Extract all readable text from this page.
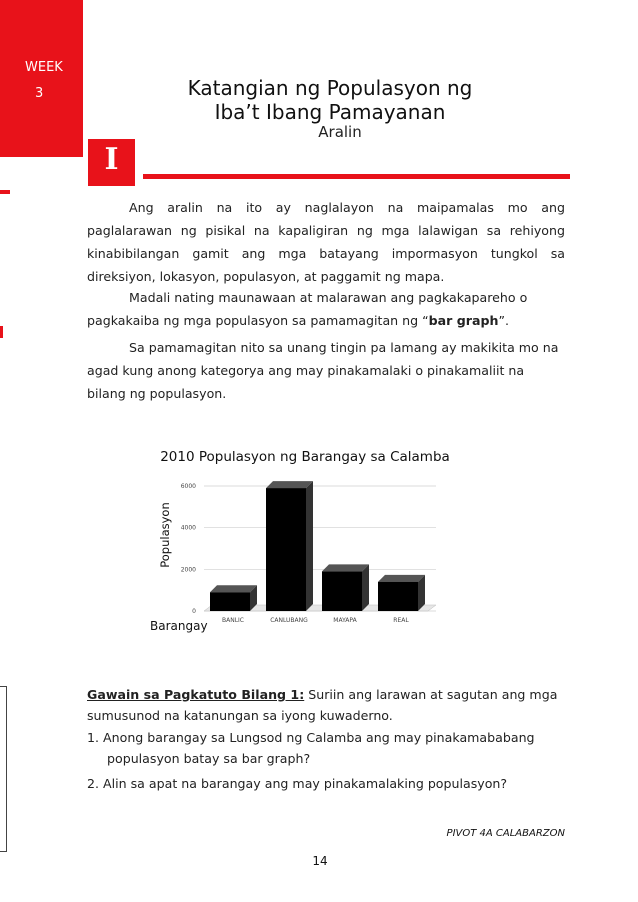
WEEK
3	Katangian ng Populasyon ng
Iba’t Ibang Pamayanan
Aralin
I
Ang aralin na ito ay naglalayon na maipamalas mo ang paglalarawan ng pisikal na kapaligiran ng mga lalawigan sa rehiyong kinabibilangan gamit ang mga batayang impormasyon tungkol sa direksiyon, lokasyon, populasyon, at paggamit ng mapa.
Madali nating maunawaan at malarawan ang pagkakapareho o pagkakaiba ng mga populasyon sa pamamagitan ng “bar graph”.
Sa pamamagitan nito sa unang tingin pa lamang ay makikita mo na agad kung anong kategorya ang may pinakamalaki o pinakamaliit na bilang ng populasyon.
2010 Populasyon ng Barangay sa Calamba
Populasyon
Barangay
0
2000
4000
6000
BANLIC	CANLUBANG	MAYAPA	REAL
Gawain sa Pagkatuto Bilang 1: Suriin ang larawan at sagutan ang mga sumusunod na katanungan sa iyong kuwaderno.
1. Anong barangay sa Lungsod ng Calamba ang may pinakamababang
populasyon batay sa bar graph?
2. Alin sa apat na barangay ang may pinakamalaking populasyon?
PIVOT 4A CALABARZON
14
